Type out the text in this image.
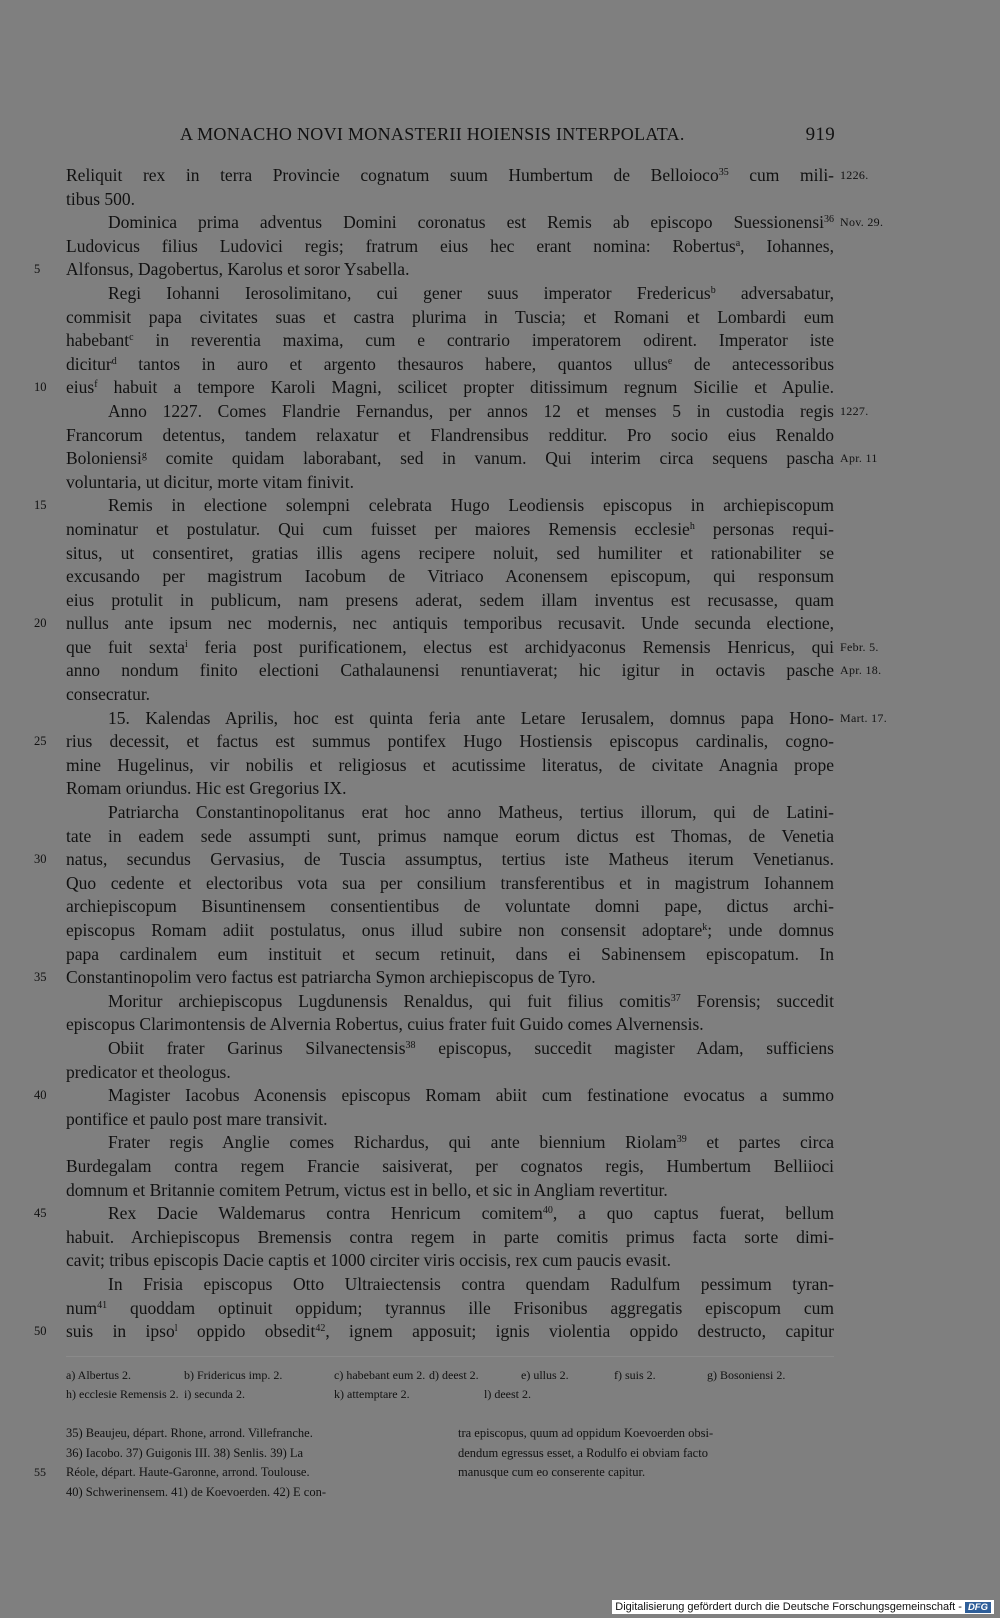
A MONACHO NOVI MONASTERII HOIENSIS INTERPOLATA.	919
Reliquit rex in terra Provincie cognatum suum Humbertum de Belloioco$^{35}$ cum mili- 1226.
tibus 500.
Dominica prima adventus Domini coronatus est Remis ab episcopo Suessionensi$^{36}$ Nov. 29.
Ludovicus filius Ludovici regis; fratrum eius hec erant nomina: Robertus$^a$, Iohannes,
5	Alfonsus, Dagobertus, Karolus et soror Ysabella.
Regi Iohanni Ierosolimitano, cui gener suus imperator Fredericus$^b$ adversabatur,
commisit papa civitates suas et castra plurima in Tuscia; et Romani et Lombardi eum
habebant$^c$ in reverentia maxima, cum e contrario imperatorem odirent. Imperator iste
dicitur$^d$ tantos in auro et argento thesauros habere, quantos ullus$^e$ de antecessoribus
10	eius$^f$ habuit a tempore Karoli Magni, scilicet propter ditissimum regnum Sicilie et Apulie.
Anno 1227. Comes Flandrie Fernandus, per annos 12 et menses 5 in custodia regis 1227.
Francorum detentus, tandem relaxatur et Flandrensibus redditur. Pro socio eius Renaldo
Boloniensi$^g$ comite quidam laborabant, sed in vanum. Qui interim circa sequens pascha Apr. 11
voluntaria, ut dicitur, morte vitam finivit.
15	Remis in electione solempni celebrata Hugo Leodiensis episcopus in archiepiscopum
nominatur et postulatur. Qui cum fuisset per maiores Remensis ecclesie$^h$ personas requi-
situs, ut consentiret, gratias illis agens recipere noluit, sed humiliter et rationabiliter se
excusando per magistrum Iacobum de Vitriaco Aconensem episcopum, qui responsum
eius protulit in publicum, nam presens aderat, sedem illam inventus est recusasse, quam
20	nullus ante ipsum nec modernis, nec antiquis temporibus recusavit. Unde secunda electione,
que fuit sexta$^i$ feria post purificationem, electus est archidyaconus Remensis Henricus, qui Febr. 5.
anno nondum finito electioni Cathalaunensi renuntiaverat; hic igitur in octavis pasche Apr. 18.
consecratur.
15. Kalendas Aprilis, hoc est quinta feria ante Letare Ierusalem, domnus papa Hono- Mart. 17.
25	rius decessit, et factus est summus pontifex Hugo Hostiensis episcopus cardinalis, cogno-
mine Hugelinus, vir nobilis et religiosus et acutissime literatus, de civitate Anagnia prope
Romam oriundus. Hic est Gregorius IX.
Patriarcha Constantinopolitanus erat hoc anno Matheus, tertius illorum, qui de Latini-
tate in eadem sede assumpti sunt, primus namque eorum dictus est Thomas, de Venetia
30	natus, secundus Gervasius, de Tuscia assumptus, tertius iste Matheus iterum Venetianus.
Quo cedente et electoribus vota sua per consilium transferentibus et in magistrum Iohannem
archiepiscopum Bisuntinensem consentientibus de voluntate domni pape, dictus archi-
episcopus Romam adiit postulatus, onus illud subire non consensit adoptare$^k$; unde domnus
papa cardinalem eum instituit et secum retinuit, dans ei Sabinensem episcopatum. In
35	Constantinopolim vero factus est patriarcha Symon archiepiscopus de Tyro.
Moritur archiepiscopus Lugdunensis Renaldus, qui fuit filius comitis$^{37}$ Forensis; succedit
episcopus Clarimontensis de Alvernia Robertus, cuius frater fuit Guido comes Alvernensis.
Obiit frater Garinus Silvanectensis$^{38}$ episcopus, succedit magister Adam, sufficiens
predicator et theologus.
40	Magister Iacobus Aconensis episcopus Romam abiit cum festinatione evocatus a summo
pontifice et paulo post mare transivit.
Frater regis Anglie comes Richardus, qui ante biennium Riolam$^{39}$ et partes circa
Burdegalam contra regem Francie saisiverat, per cognatos regis, Humbertum Belliioci
domnum et Britannie comitem Petrum, victus est in bello, et sic in Angliam revertitur.
45	Rex Dacie Waldemarus contra Henricum comitem$^{40}$, a quo captus fuerat, bellum
habuit. Archiepiscopus Bremensis contra regem in parte comitis primus facta sorte dimi-
cavit; tribus episcopis Dacie captis et 1000 circiter viris occisis, rex cum paucis evasit.
In Frisia episcopus Otto Ultraiectensis contra quendam Radulfum pessimum tyran-
num$^{41}$ quoddam optinuit oppidum; tyrannus ille Frisonibus aggregatis episcopum cum
50	suis in ipso$^l$ oppido obsedit$^{42}$, ignem apposuit; ignis violentia oppido destructo, capitur
a) Albertus 2.	b) Fridericus imp. 2.	c) habebant eum 2. d) deest 2.	e) ullus 2.	f) suis 2.	g) Bosoniensi 2.
h) ecclesie Remensis 2. i) secunda 2.	k) attemptare 2.	l) deest 2.
55
35) Beaujeu, départ. Rhone, arrond. Villefranche.
36) Iacobo. 37) Guigonis III. 38) Senlis. 39) La
Réole, départ. Haute-Garonne, arrond. Toulouse.
40) Schwerinensem. 41) de Koevoerden. 42) E con-
tra episcopus, quum ad oppidum Koevoerden obsi-
dendum egressus esset, a Rodulfo ei obviam facto
manusque cum eo conserente capitur.
Digitalisierung gefördert durch die Deutsche Forschungsgemeinschaft - DFG
